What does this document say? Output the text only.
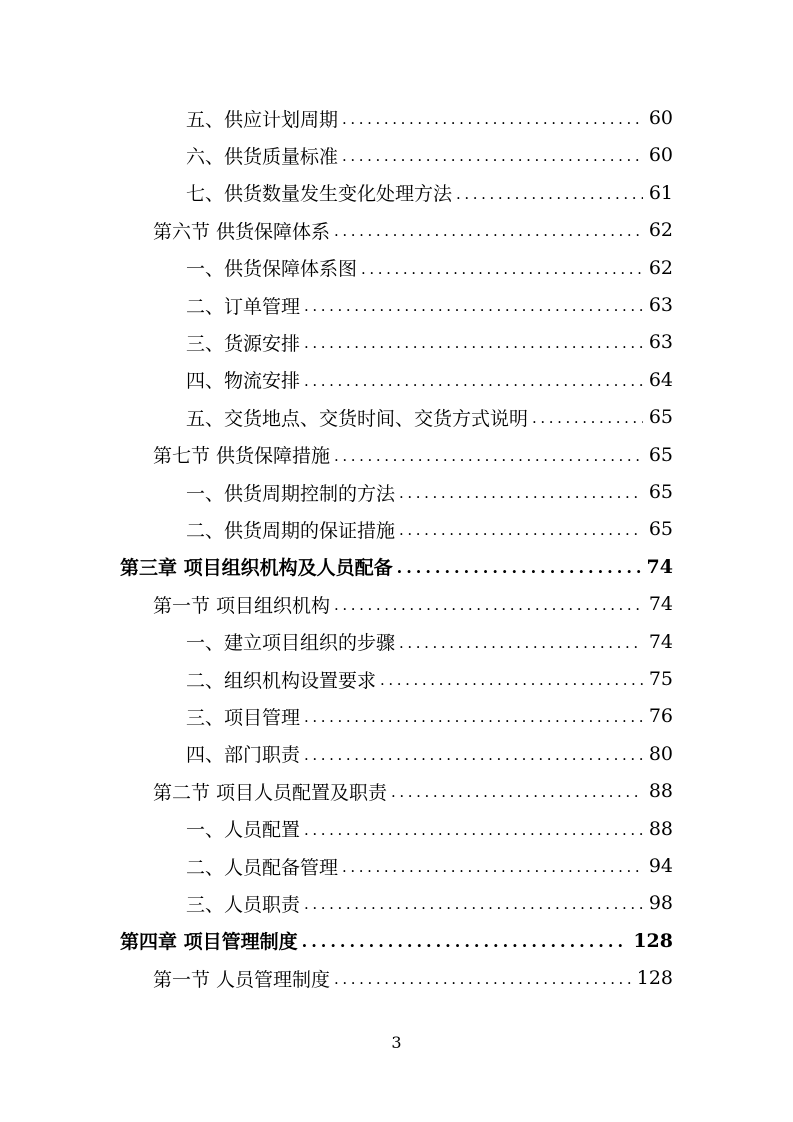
五、供应计划周期 .....	60
六、供货质量标准 .....	60
七、供货数量发生变化处理方法 .....	61
第六节 供货保障体系 .....	62
一、供货保障体系图 .....	62
二、订单管理 .....	63
三、货源安排 .....	63
四、物流安排 .....	64
五、交货地点、交货时间、交货方式说明 .....	65
第七节 供货保障措施 .....	65
一、供货周期控制的方法 .....	65
二、供货周期的保证措施 .....	65
第三章 项目组织机构及人员配备 .....	74
第一节 项目组织机构 .....	74
一、建立项目组织的步骤 .....	74
二、组织机构设置要求 .....	75
三、项目管理 .....	76
四、部门职责 .....	80
第二节 项目人员配置及职责 .....	88
一、人员配置 .....	88
二、人员配备管理 .....	94
三、人员职责 .....	98
第四章 项目管理制度 .....	128
第一节 人员管理制度 .....	128
3
